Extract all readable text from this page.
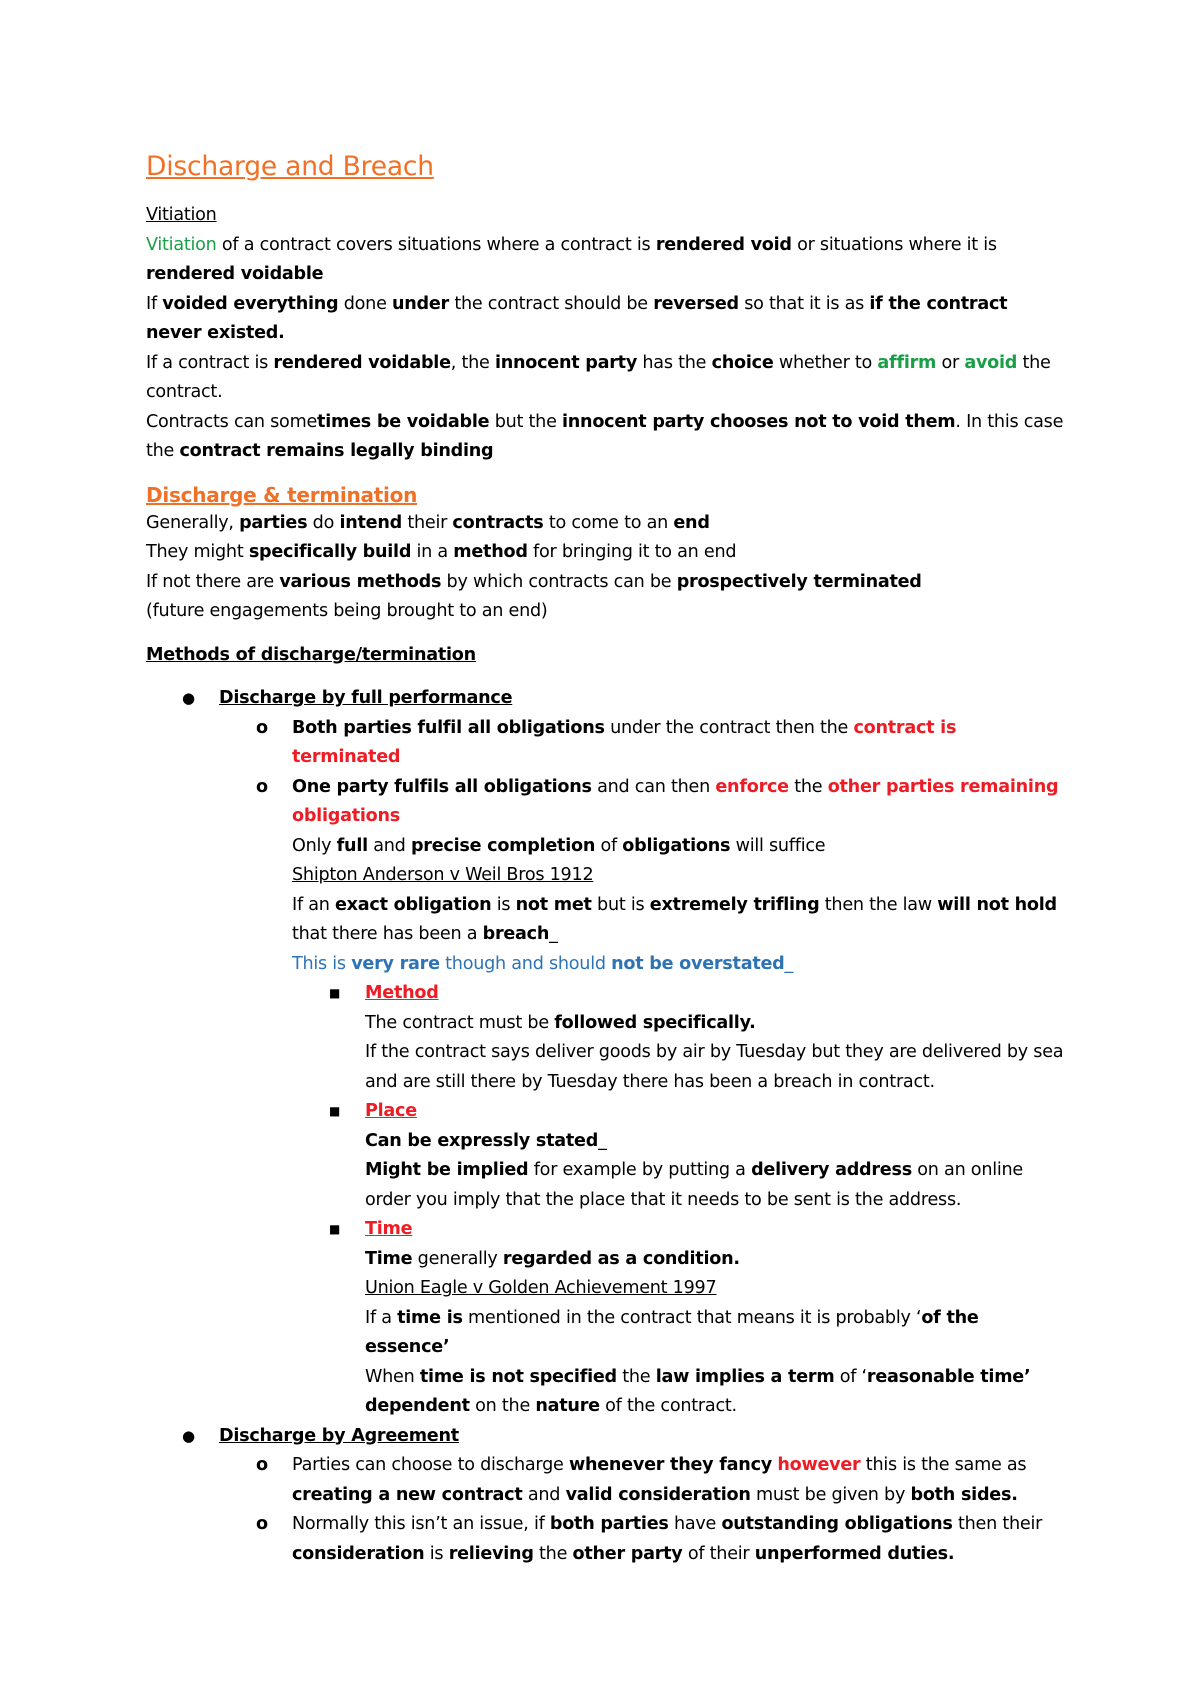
Discharge and Breach
Vitiation

Vitiation of a contract covers situations where a contract is rendered void or situations where it is rendered voidable

If voided everything done under the contract should be reversed so that it is as if the contract never existed.

If a contract is rendered voidable, the innocent party has the choice whether to affirm or avoid the contract.

Contracts can sometimes be voidable but the innocent party chooses not to void them. In this case the contract remains legally binding

Discharge & termination

Generally, parties do intend their contracts to come to an end

They might specifically build in a method for bringing it to an end

If not there are various methods by which contracts can be prospectively terminated

(future engagements being brought to an end)

Methods of discharge/termination
● Discharge by full performance
o Both parties fulfil all obligations under the contract then the contract is terminated
o One party fulfils all obligations and can then enforce the other parties remaining obligations
Only full and precise completion of obligations will suffice
Shipton Anderson v Weil Bros 1912
If an exact obligation is not met but is extremely trifling then the law will not hold that there has been a breach_
This is very rare though and should not be overstated_
■ Method
The contract must be followed specifically.
If the contract says deliver goods by air by Tuesday but they are delivered by sea and are still there by Tuesday there has been a breach in contract.
■ Place
Can be expressly stated_
Might be implied for example by putting a delivery address on an online order you imply that the place that it needs to be sent is the address.
■ Time
Time generally regarded as a condition.
Union Eagle v Golden Achievement 1997
If a time is mentioned in the contract that means it is probably ‘of the essence’
When time is not specified the law implies a term of ‘reasonable time’ dependent on the nature of the contract.
● Discharge by Agreement
o Parties can choose to discharge whenever they fancy however this is the same as creating a new contract and valid consideration must be given by both sides.
o Normally this isn’t an issue, if both parties have outstanding obligations then their consideration is relieving the other party of their unperformed duties.
